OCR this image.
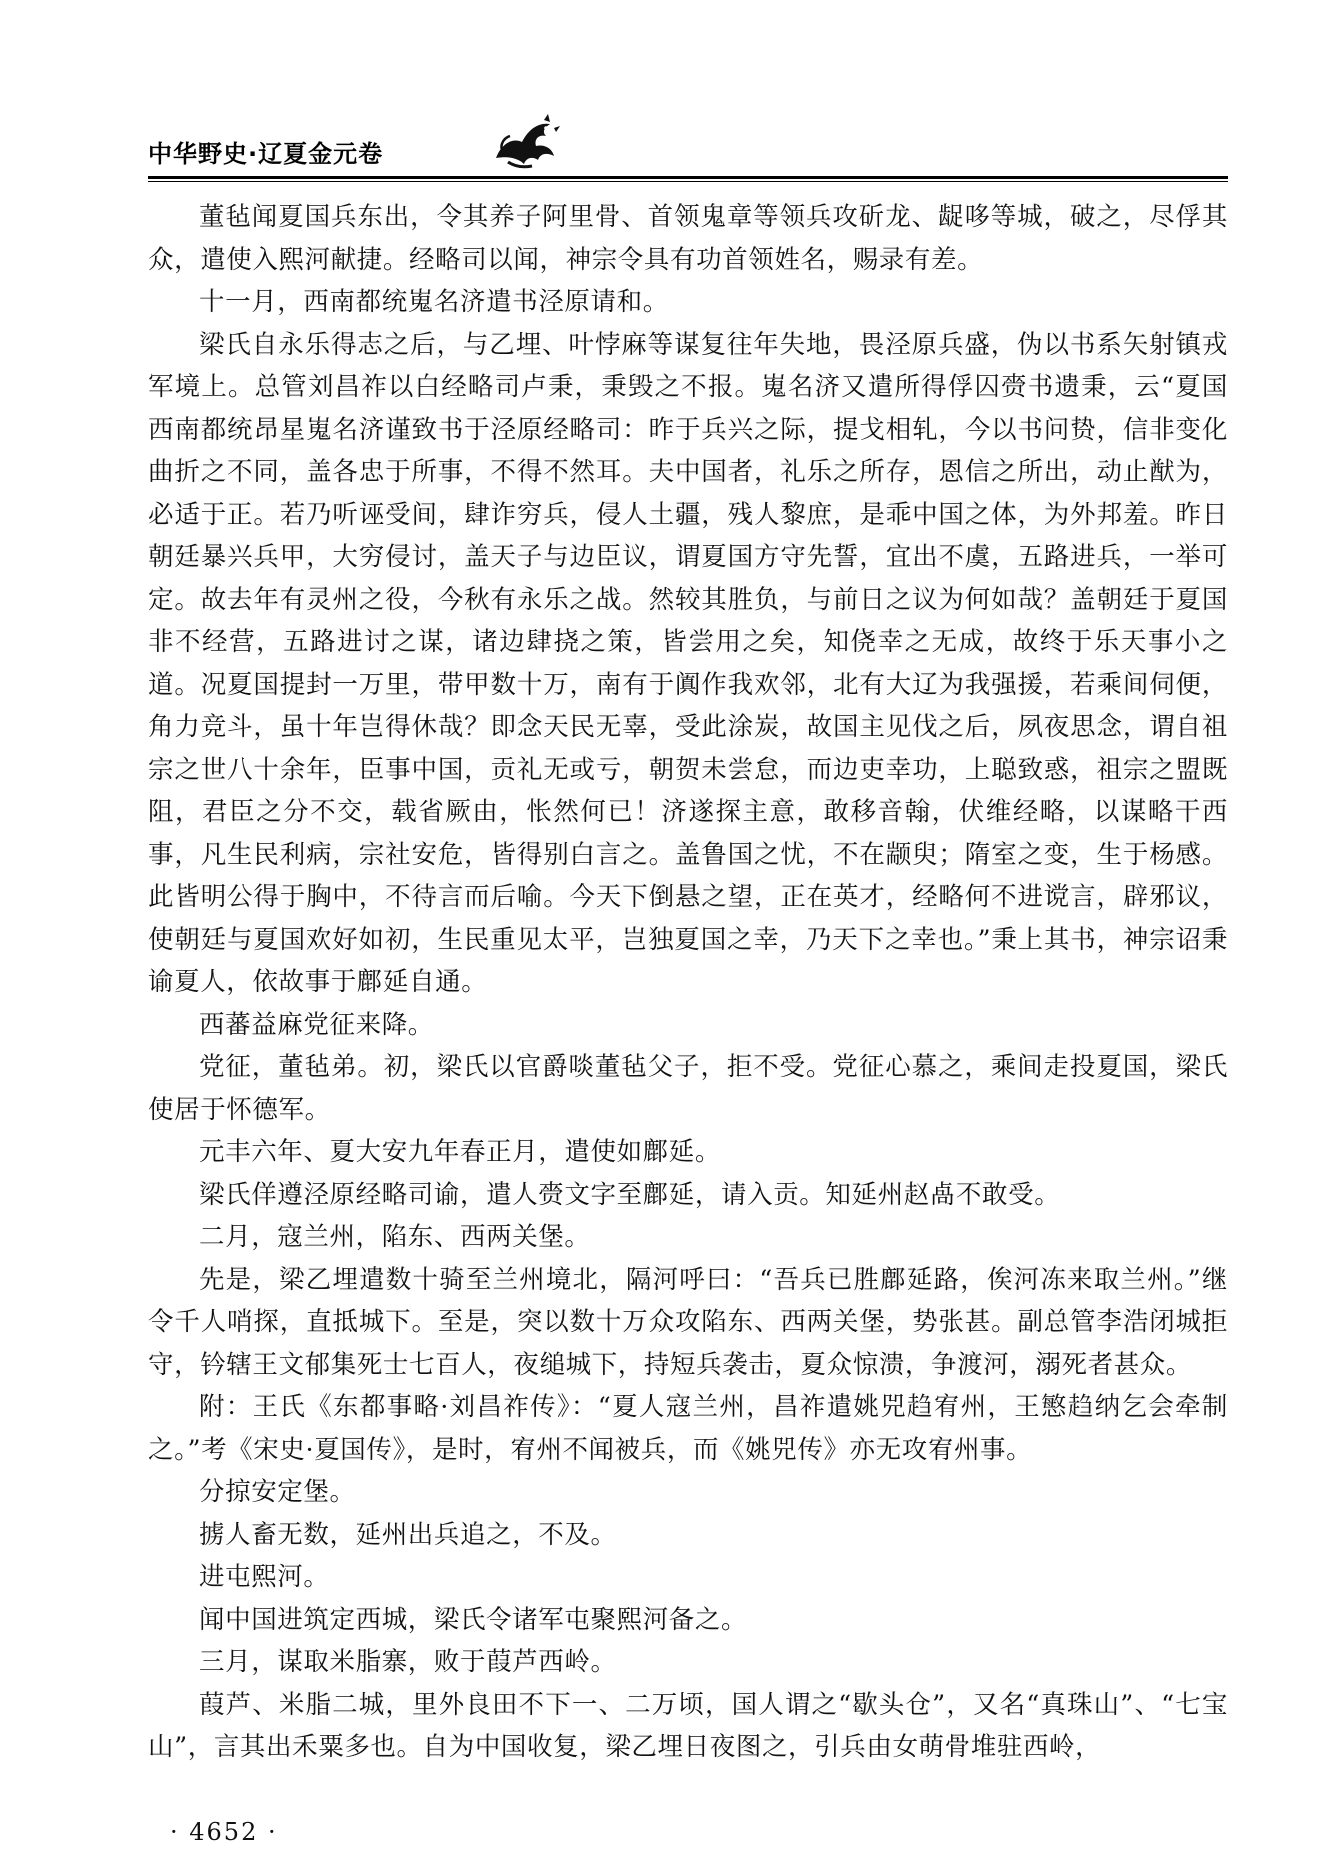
中华野史·辽夏金元卷

董毡闻夏国兵东出，令其养子阿里骨、首领鬼章等领兵攻斫龙、龊哆等城，破之，尽俘其众，遣使入熙河献捷。经略司以闻，神宗令具有功首领姓名，赐录有差。

十一月，西南都统嵬名济遣书泾原请和。

梁氏自永乐得志之后，与乙埋、叶悖麻等谋复往年失地，畏泾原兵盛，伪以书系矢射镇戎军境上。总管刘昌祚以白经略司卢秉，秉毁之不报。嵬名济又遣所得俘囚赍书遗秉，云“夏国西南都统昂星嵬名济谨致书于泾原经略司：昨于兵兴之际，提戈相轧，今以书问贽，信非变化曲折之不同，盖各忠于所事，不得不然耳。夫中国者，礼乐之所存，恩信之所出，动止猷为，必适于正。若乃听诬受间，肆诈穷兵，侵人土疆，残人黎庶，是乖中国之体，为外邦羞。昨日朝廷暴兴兵甲，大穷侵讨，盖天子与边臣议，谓夏国方守先誓，宜出不虞，五路进兵，一举可定。故去年有灵州之役，今秋有永乐之战。然较其胜负，与前日之议为何如哉？盖朝廷于夏国非不经营，五路进讨之谋，诸边肆挠之策，皆尝用之矣，知侥幸之无成，故终于乐天事小之道。况夏国提封一万里，带甲数十万，南有于阗作我欢邻，北有大辽为我强援，若乘间伺便，角力竞斗，虽十年岂得休哉？即念天民无辜，受此涂炭，故国主见伐之后，夙夜思念，谓自祖宗之世八十余年，臣事中国，贡礼无或亏，朝贺未尝怠，而边吏幸功，上聪致惑，祖宗之盟既阻，君臣之分不交，载省厥由，怅然何已！济遂探主意，敢移音翰，伏维经略，以谋略干西事，凡生民利病，宗社安危，皆得别白言之。盖鲁国之忧，不在颛臾；隋室之变，生于杨感。此皆明公得于胸中，不待言而后喻。今天下倒悬之望，正在英才，经略何不进谠言，辟邪议，使朝廷与夏国欢好如初，生民重见太平，岂独夏国之幸，乃天下之幸也。”秉上其书，神宗诏秉谕夏人，依故事于鄜延自通。

西蕃益麻党征来降。

党征，董毡弟。初，梁氏以官爵啖董毡父子，拒不受。党征心慕之，乘间走投夏国，梁氏使居于怀德军。

元丰六年、夏大安九年春正月，遣使如鄜延。

梁氏佯遵泾原经略司谕，遣人赍文字至鄜延，请入贡。知延州赵卨不敢受。

二月，寇兰州，陷东、西两关堡。

先是，梁乙埋遣数十骑至兰州境北，隔河呼曰：“吾兵已胜鄜延路，俟河冻来取兰州。”继令千人哨探，直抵城下。至是，突以数十万众攻陷东、西两关堡，势张甚。副总管李浩闭城拒守，钤辖王文郁集死士七百人，夜缒城下，持短兵袭击，夏众惊溃，争渡河，溺死者甚众。

附：王氏《东都事略·刘昌祚传》：“夏人寇兰州，昌祚遣姚兕趋宥州，王慜趋纳乞会牵制之。”考《宋史·夏国传》，是时，宥州不闻被兵，而《姚兕传》亦无攻宥州事。

分掠安定堡。

掳人畜无数，延州出兵追之，不及。

进屯熙河。

闻中国进筑定西城，梁氏令诸军屯聚熙河备之。

三月，谋取米脂寨，败于葭芦西岭。

葭芦、米脂二城，里外良田不下一、二万顷，国人谓之“歇头仓”，又名“真珠山”、“七宝山”，言其出禾粟多也。自为中国收复，梁乙埋日夜图之，引兵由女萌骨堆驻西岭，

· 4652 ·
